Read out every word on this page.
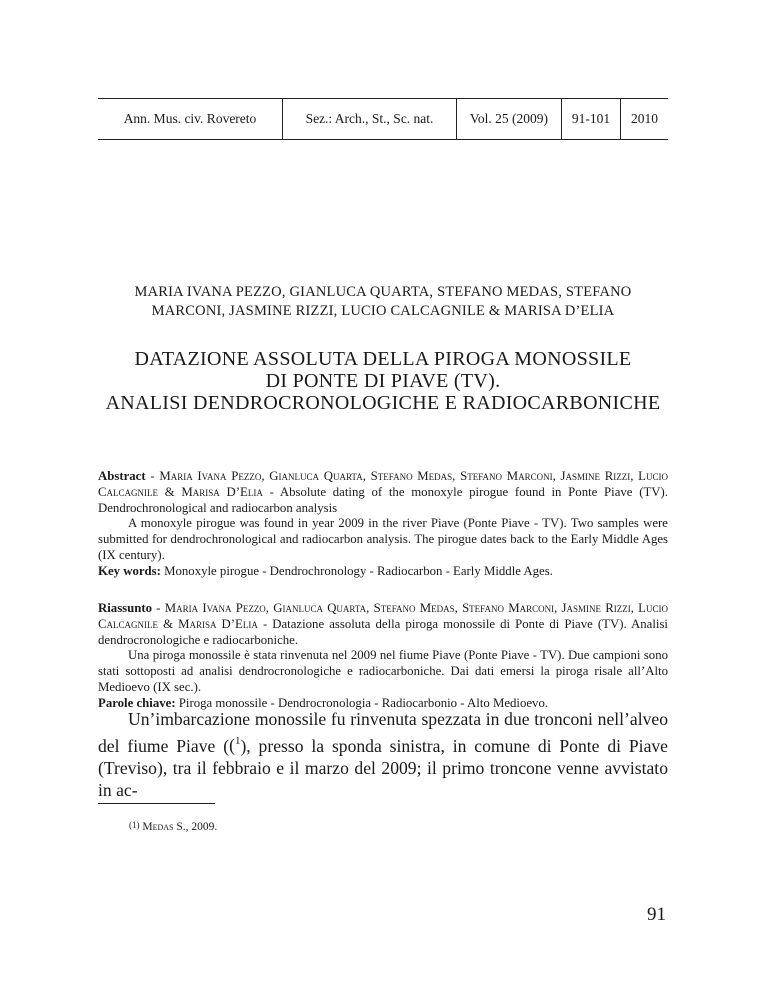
Ann. Mus. civ. Rovereto	Sez.: Arch., St., Sc. nat.	Vol. 25 (2009)	91-101	2010
MARIA IVANA PEZZO, GIANLUCA QUARTA, STEFANO MEDAS, STEFANO
MARCONI, JASMINE RIZZI, LUCIO CALCAGNILE & MARISA D’ELIA
DATAZIONE ASSOLUTA DELLA PIROGA MONOSSILE
DI PONTE DI PIAVE (TV).
ANALISI DENDROCRONOLOGICHE E RADIOCARBONICHE

Abstract - Maria Ivana Pezzo, Gianluca Quarta, Stefano Medas, Stefano Marconi, Jasmine Rizzi, Lucio Calcagnile & Marisa D’Elia - Absolute dating of the monoxyle pirogue found in Ponte Piave (TV). Dendrochronological and radiocarbon analysis

A monoxyle pirogue was found in year 2009 in the river Piave (Ponte Piave - TV). Two samples were submitted for dendrochronological and radiocarbon analysis. The pirogue dates back to the Early Middle Ages (IX century).

Key words: Monoxyle pirogue - Dendrochronology - Radiocarbon - Early Middle Ages.

Riassunto - Maria Ivana Pezzo, Gianluca Quarta, Stefano Medas, Stefano Marconi, Jasmine Rizzi, Lucio Calcagnile & Marisa D’Elia - Datazione assoluta della piroga monossile di Ponte di Piave (TV). Analisi dendrocronologiche e radiocarboniche.

Una piroga monossile è stata rinvenuta nel 2009 nel fiume Piave (Ponte Piave - TV). Due campioni sono stati sottoposti ad analisi dendrocronologiche e radiocarboniche. Dai dati emersi la piroga risale all’Alto Medioevo (IX sec.).

Parole chiave: Piroga monossile - Dendrocronologia - Radiocarbonio - Alto Medioevo.

Un’imbarcazione monossile fu rinvenuta spezzata in due tronconi nell’alveo del fiume Piave (($^1$), presso la sponda sinistra, in comune di Ponte di Piave (Treviso), tra il febbraio e il marzo del 2009; il primo troncone venne avvistato in ac-
(1) Medas S., 2009.
91
